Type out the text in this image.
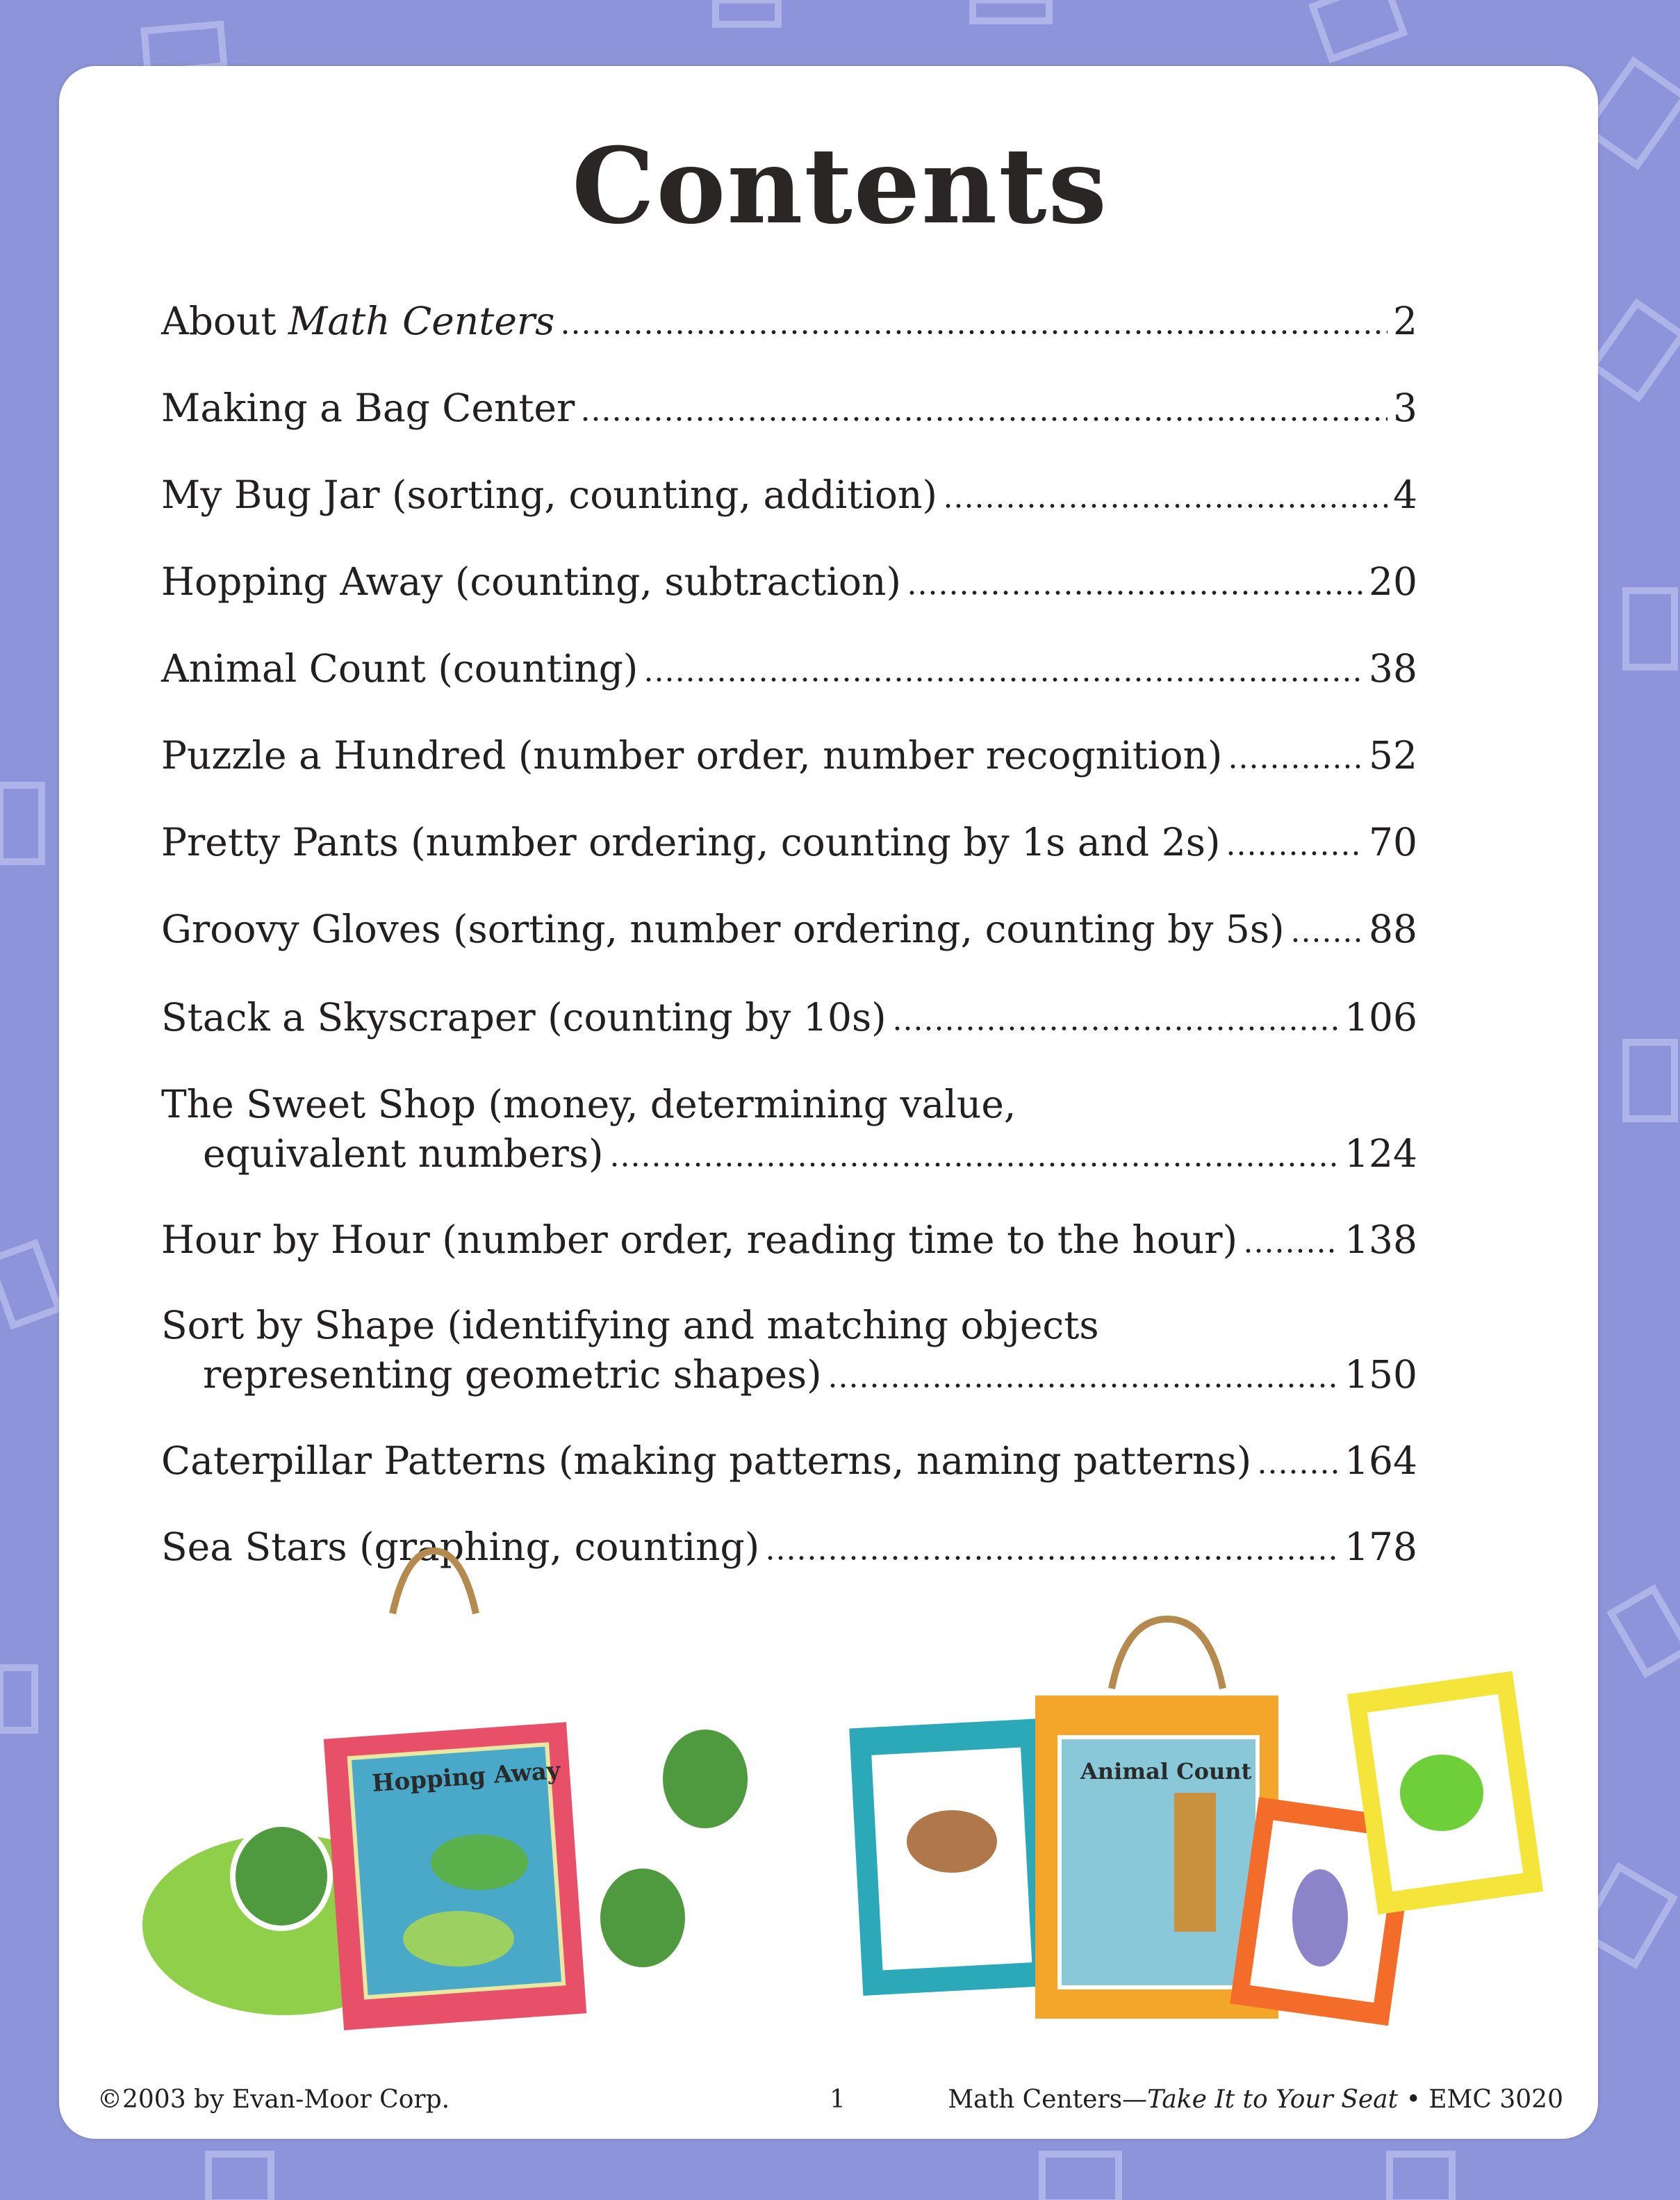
Contents
About Math Centers	2
Making a Bag Center	3
My Bug Jar (sorting, counting, addition)	4
Hopping Away (counting, subtraction)	20
Animal Count (counting)	38
Puzzle a Hundred (number order, number recognition)	52
Pretty Pants (number ordering, counting by 1s and 2s)	70
Groovy Gloves (sorting, number ordering, counting by 5s) 88
Stack a Skyscraper (counting by 10s)	106
The Sweet Shop (money, determining value,
equivalent numbers)	124
Hour by Hour (number order, reading time to the hour)	138
Sort by Shape (identifying and matching objects
representing geometric shapes)	150
Caterpillar Patterns (making patterns, naming patterns) 164
Sea Stars (graphing, counting)	178
Hopping Away	Animal Count
©2003 by Evan-Moor Corp.	1	Math Centers—Take It to Your Seat • EMC 3020
